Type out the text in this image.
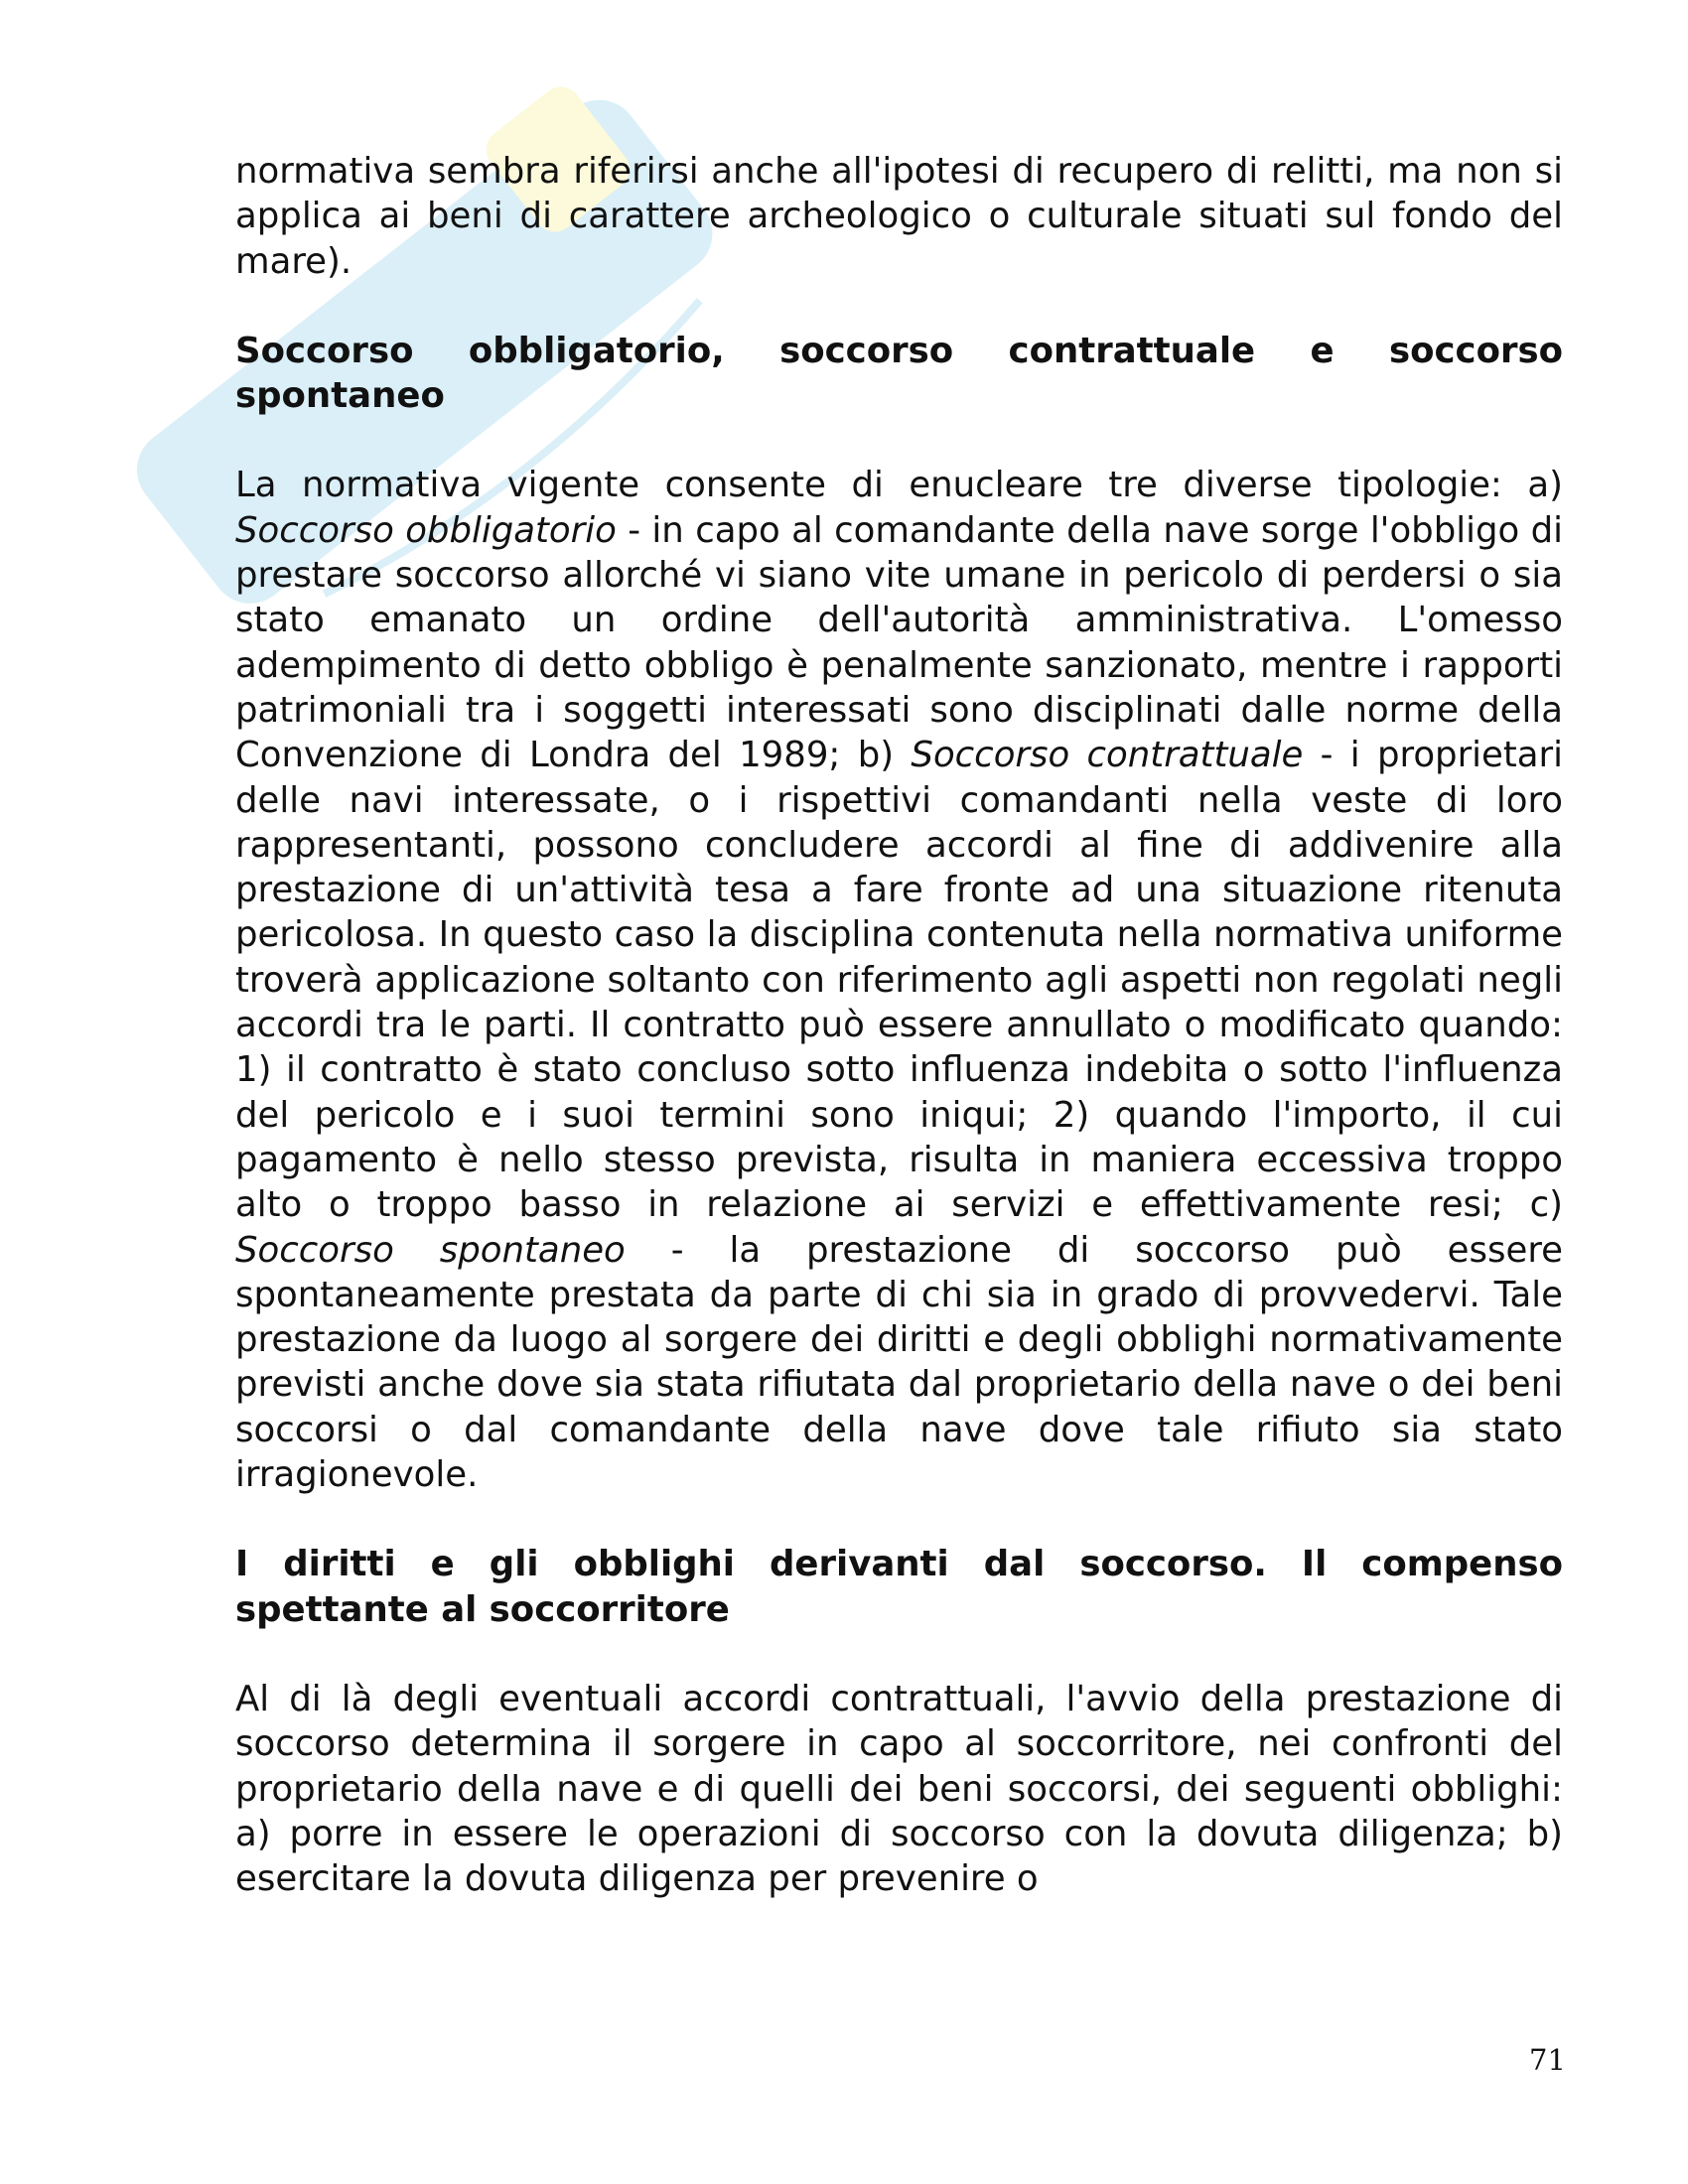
normativa sembra riferirsi anche all'ipotesi di recupero di relitti, ma non si applica ai beni di carattere archeologico o culturale situati sul fondo del mare).

Soccorso obbligatorio, soccorso contrattuale e soccorso spontaneo

La normativa vigente consente di enucleare tre diverse tipologie: a) Soccorso obbligatorio - in capo al comandante della nave sorge l'obbligo di prestare soccorso allorché vi siano vite umane in pericolo di perdersi o sia stato emanato un ordine dell'autorità amministrativa. L'omesso adempimento di detto obbligo è penalmente sanzionato, mentre i rapporti patrimoniali tra i soggetti interessati sono disciplinati dalle norme della Convenzione di Londra del 1989; b) Soccorso contrattuale - i proprietari delle navi interessate, o i rispettivi comandanti nella veste di loro rappresentanti, possono concludere accordi al fine di addivenire alla prestazione di un'attività tesa a fare fronte ad una situazione ritenuta pericolosa. In questo caso la disciplina contenuta nella normativa uniforme troverà applicazione soltanto con riferimento agli aspetti non regolati negli accordi tra le parti. Il contratto può essere annullato o modificato quando: 1) il contratto è stato concluso sotto influenza indebita o sotto l'influenza del pericolo e i suoi termini sono iniqui; 2) quando l'importo, il cui pagamento è nello stesso prevista, risulta in maniera eccessiva troppo alto o troppo basso in relazione ai servizi e effettivamente resi; c) Soccorso spontaneo - la prestazione di soccorso può essere spontaneamente prestata da parte di chi sia in grado di provvedervi. Tale prestazione da luogo al sorgere dei diritti e degli obblighi normativamente previsti anche dove sia stata rifiutata dal proprietario della nave o dei beni soccorsi o dal comandante della nave dove tale rifiuto sia stato irragionevole.

I diritti e gli obblighi derivanti dal soccorso. Il compenso spettante al soccorritore

Al di là degli eventuali accordi contrattuali, l'avvio della prestazione di soccorso determina il sorgere in capo al soccorritore, nei confronti del proprietario della nave e di quelli dei beni soccorsi, dei seguenti obblighi: a) porre in essere le operazioni di soccorso con la dovuta diligenza; b) esercitare la dovuta diligenza per prevenire o

71
